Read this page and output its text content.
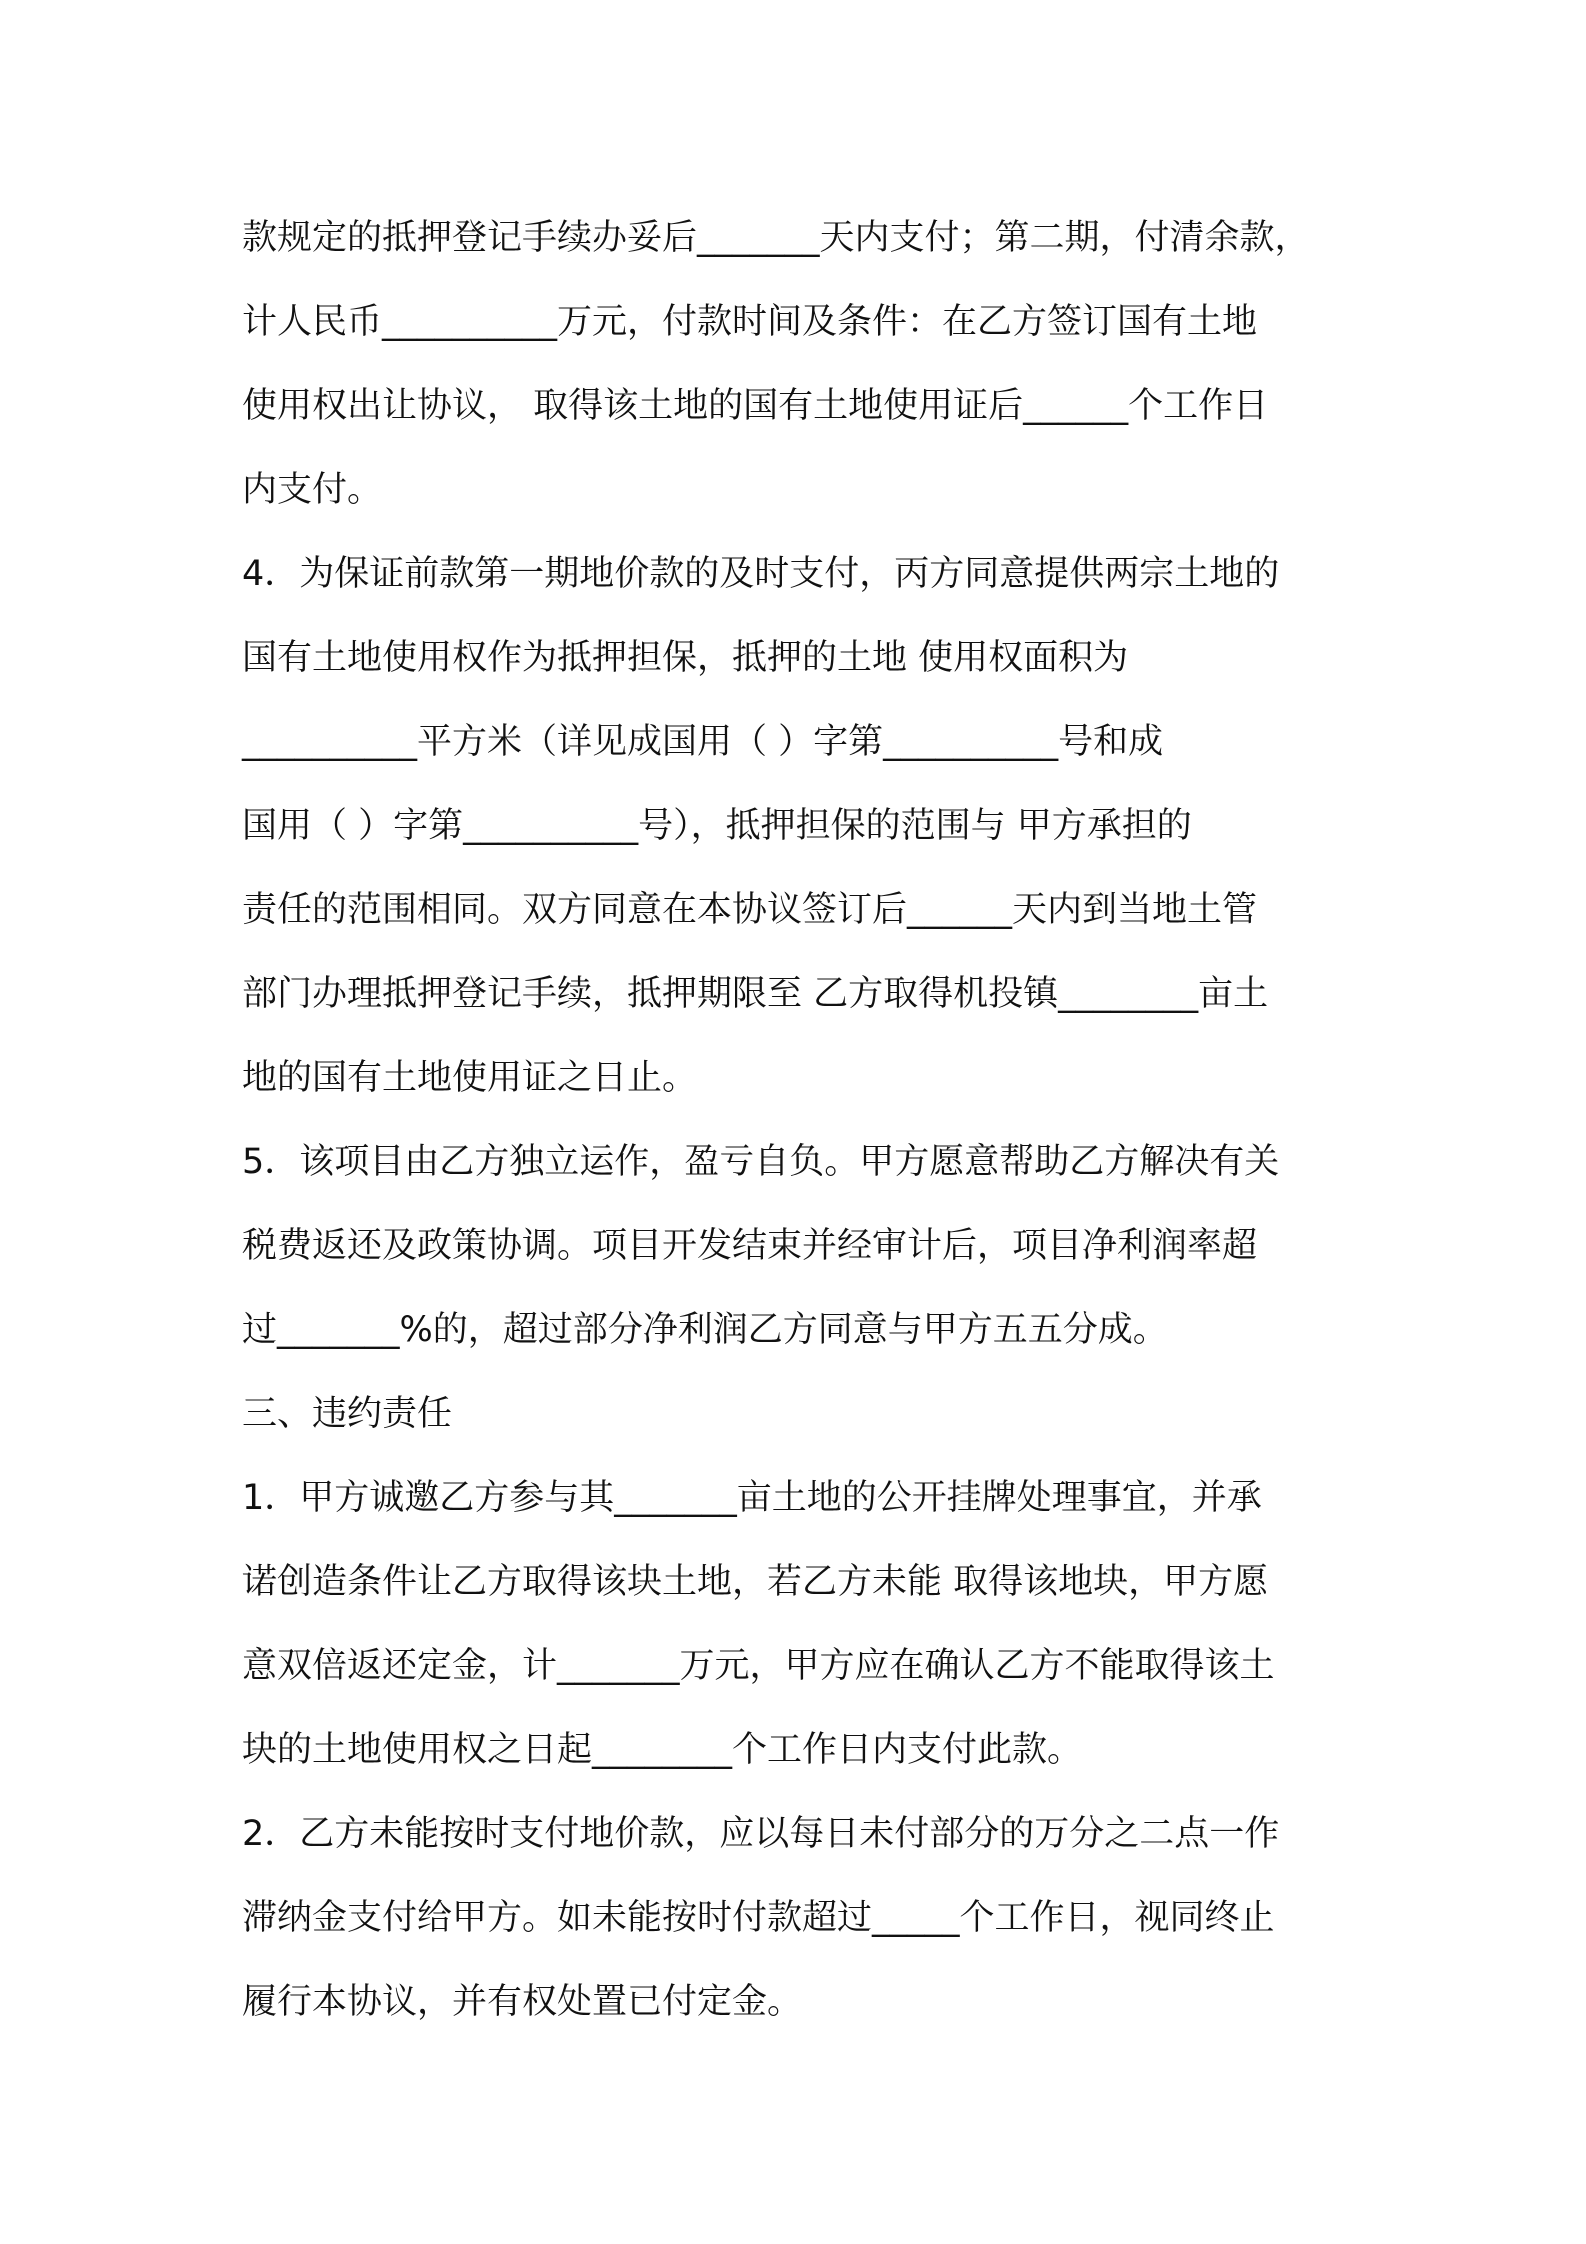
款规定的抵押登记手续办妥后_______天内支付；第二期，付清余款，
计人民币__________万元，付款时间及条件：在乙方签订国有土地
使用权出让协议， 取得该土地的国有土地使用证后______个工作日
内支付。
4．为保证前款第一期地价款的及时支付，丙方同意提供两宗土地的
国有土地使用权作为抵押担保，抵押的土地 使用权面积为
__________平方米（详见成国用（ ）字第__________号和成
国用（ ）字第__________号），抵押担保的范围与 甲方承担的
责任的范围相同。双方同意在本协议签订后______天内到当地土管
部门办理抵押登记手续，抵押期限至 乙方取得机投镇________亩土
地的国有土地使用证之日止。
5．该项目由乙方独立运作，盈亏自负。甲方愿意帮助乙方解决有关
税费返还及政策协调。项目开发结束并经审计后，项目净利润率超
过_______%的，超过部分净利润乙方同意与甲方五五分成。
三、违约责任
1．甲方诚邀乙方参与其_______亩土地的公开挂牌处理事宜，并承
诺创造条件让乙方取得该块土地，若乙方未能 取得该地块，甲方愿
意双倍返还定金，计_______万元，甲方应在确认乙方不能取得该土
块的土地使用权之日起________个工作日内支付此款。
2．乙方未能按时支付地价款，应以每日未付部分的万分之二点一作
滞纳金支付给甲方。如未能按时付款超过_____个工作日，视同终止
履行本协议，并有权处置已付定金。
